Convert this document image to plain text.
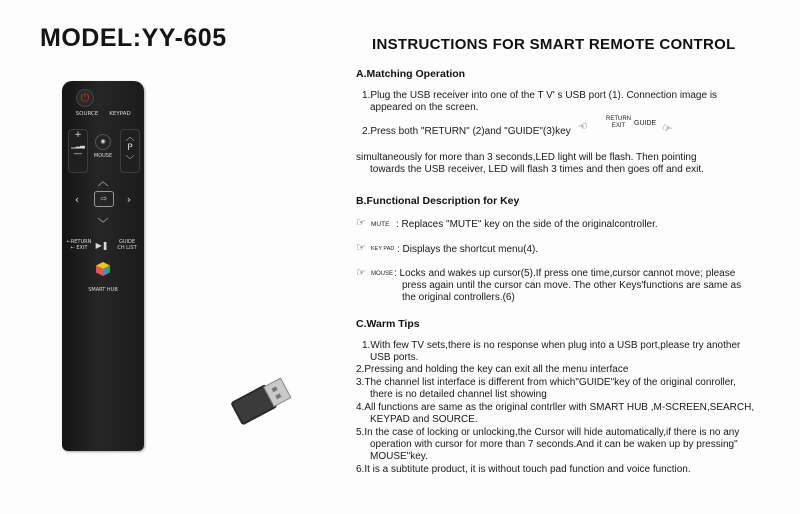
MODEL:YY-605
⏻
SOURCE	KEYPAD
+
▁▂▃
—
◉
MOUSE
︿
P
﹀
︿
‹	⇨	›
﹀
←RETURN
← EXIT	▶❚	GUIDE
CH LIST
SMART HUB
INSTRUCTIONS FOR SMART REMOTE CONTROL
A.Matching Operation
1.Plug the USB receiver into one of the T V' s USB port (1). Connection image is
appeared on the screen.
2.Press both "RETURN" (2)and "GUIDE"(3)key ☜
RETURN
EXIT	GUIDE ☞
simultaneously for more than 3 seconds,LED light will be flash. Then pointing
towards the USB receiver, LED will flash 3 times and then goes off and exit.
B.Functional Description for Key
☞ MUTE : Replaces "MUTE" key on the side of the originalcontroller.
☞ KEY PAD : Displays the shortcut menu(4).
☞ MOUSE : Locks and wakes up cursor(5).If press one time,cursor cannot move; please
press again until the cursor can move. The other Keys'functions are same as
the original controllers.(6)
C.Warm Tips
1.With few TV sets,there is no response when plug into a USB port,please try another
USB ports.
2.Pressing and holding the key can exit all the menu interface
3.The channel list interface is different from which"GUIDE"key of the original conroller,
there is no detailed channel list showing
4.All functions are same as the original contrller with SMART HUB ,M-SCREEN,SEARCH,
KEYPAD and SOURCE.
5.In the case of locking or unlocking,the Cursor will hide automatically,if there is no any
operation with cursor for more than 7 seconds.And it can be waken up by pressing"
MOUSE"key.
6.It is a subtitute product, it is without touch pad function and voice function.
